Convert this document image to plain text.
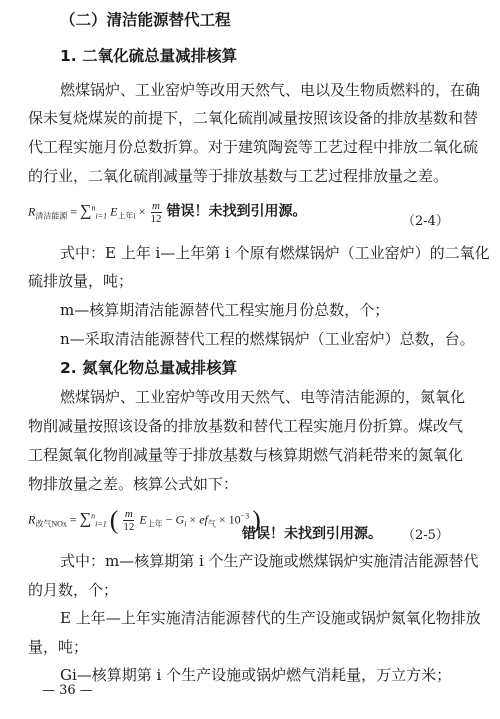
（二）清洁能源替代工程
1. 二氧化硫总量减排核算
燃煤锅炉、工业窑炉等改用天然气、电以及生物质燃料的，在确
保未复烧煤炭的前提下，二氧化硫削减量按照该设备的排放基数和替
代工程实施月份总数折算。对于建筑陶瓷等工艺过程中排放二氧化硫
的行业，二氧化硫削减量等于排放基数与工艺过程排放量之差。
$R_{清洁能源} = \sum^n_{i=1}$ $E_{上年i} \times \frac{m}{12}$ 错误！未找到引用源。
（2-4）
式中：E 上年 i—上年第 i 个原有燃煤锅炉（工业窑炉）的二氧化
硫排放量，吨；
m—核算期清洁能源替代工程实施月份总数，个；
n—采取清洁能源替代工程的燃煤锅炉（工业窑炉）总数，台。
2. 氮氧化物总量减排核算
燃煤锅炉、工业窑炉等改用天然气、电等清洁能源的，氮氧化
物削减量按照该设备的排放基数和替代工程实施月份折算。煤改气
工程氮氧化物削减量等于排放基数与核算期燃气消耗带来的氮氧化
物排放量之差。核算公式如下：
$R_{改气NOx} = \sum^n_{i=1}$ ( $\frac{m}{12} E_{上年} - G_i \times ef_气 \times 10^{-3}$ )
错误！未找到引用源。 （2-5）
式中：m—核算期第 i 个生产设施或燃煤锅炉实施清洁能源替代
的月数，个；
E 上年—上年实施清洁能源替代的生产设施或锅炉氮氧化物排放
量，吨；
Gi—核算期第 i 个生产设施或锅炉燃气消耗量，万立方米；
— 36 —
